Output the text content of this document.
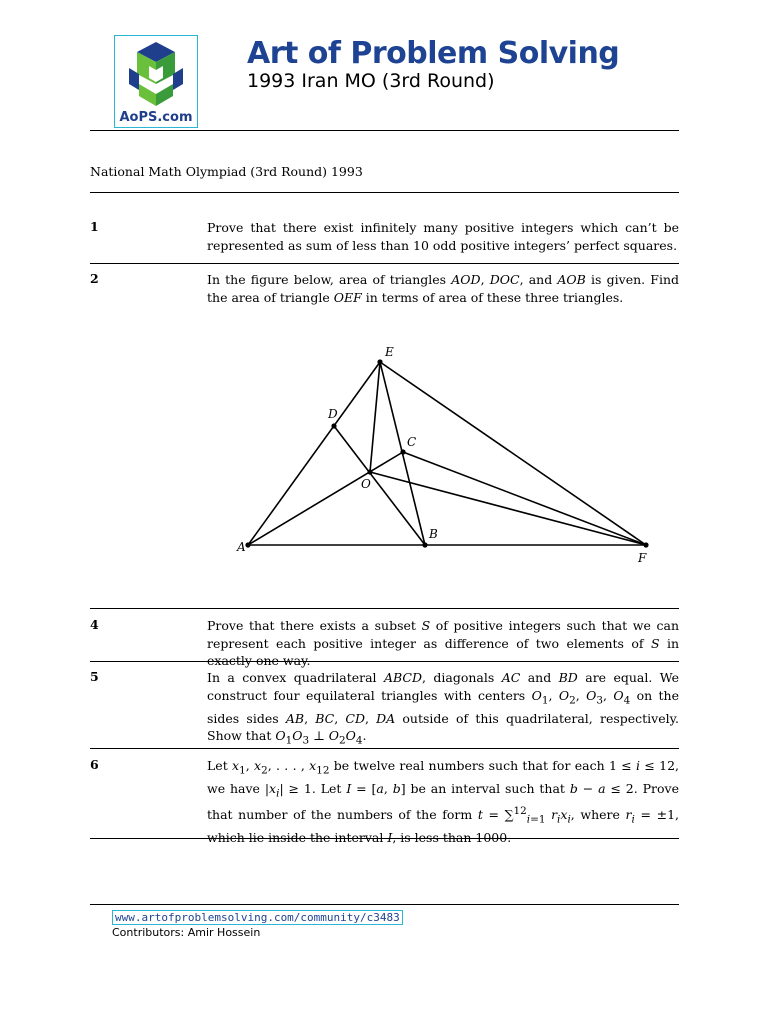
AoPS.com
Art of Problem Solving
1993 Iran MO (3rd Round)
National Math Olympiad (3rd Round) 1993
1	Prove that there exist infinitely many positive integers which can’t be represented as sum of less than 10 odd positive integers’ perfect squares.
2	In the figure below, area of triangles AOD, DOC, and AOB is given. Find the area of triangle OEF in terms of area of these three triangles.
A
B
C
D
E
F
O
4	Prove that there exists a subset S of positive integers such that we can represent each positive integer as difference of two elements of S in exactly one way.
5	In a convex quadrilateral ABCD, diagonals AC and BD are equal. We construct four equilateral triangles with centers $O_1$, $O_2$, $O_3$, $O_4$ on the sides sides AB, BC, CD, DA outside of this quadrilateral, respectively. Show that $O_1O_3$ ⊥ $O_2O_4$.
6	Let $x_1$, $x_2$, . . . , $x_{12}$ be twelve real numbers such that for each 1 ≤ i ≤ 12, we have $|x_i| \ge 1$. Let I = [a, b] be an interval such that b − a ≤ 2. Prove that number of the numbers of the form t = ∑$^{12}_{i=1}$ $r_ix_i$, where $r_i = \pm 1$, which lie inside the interval I, is less than 1000.
www.artofproblemsolving.com/community/c3483
Contributors: Amir Hossein
